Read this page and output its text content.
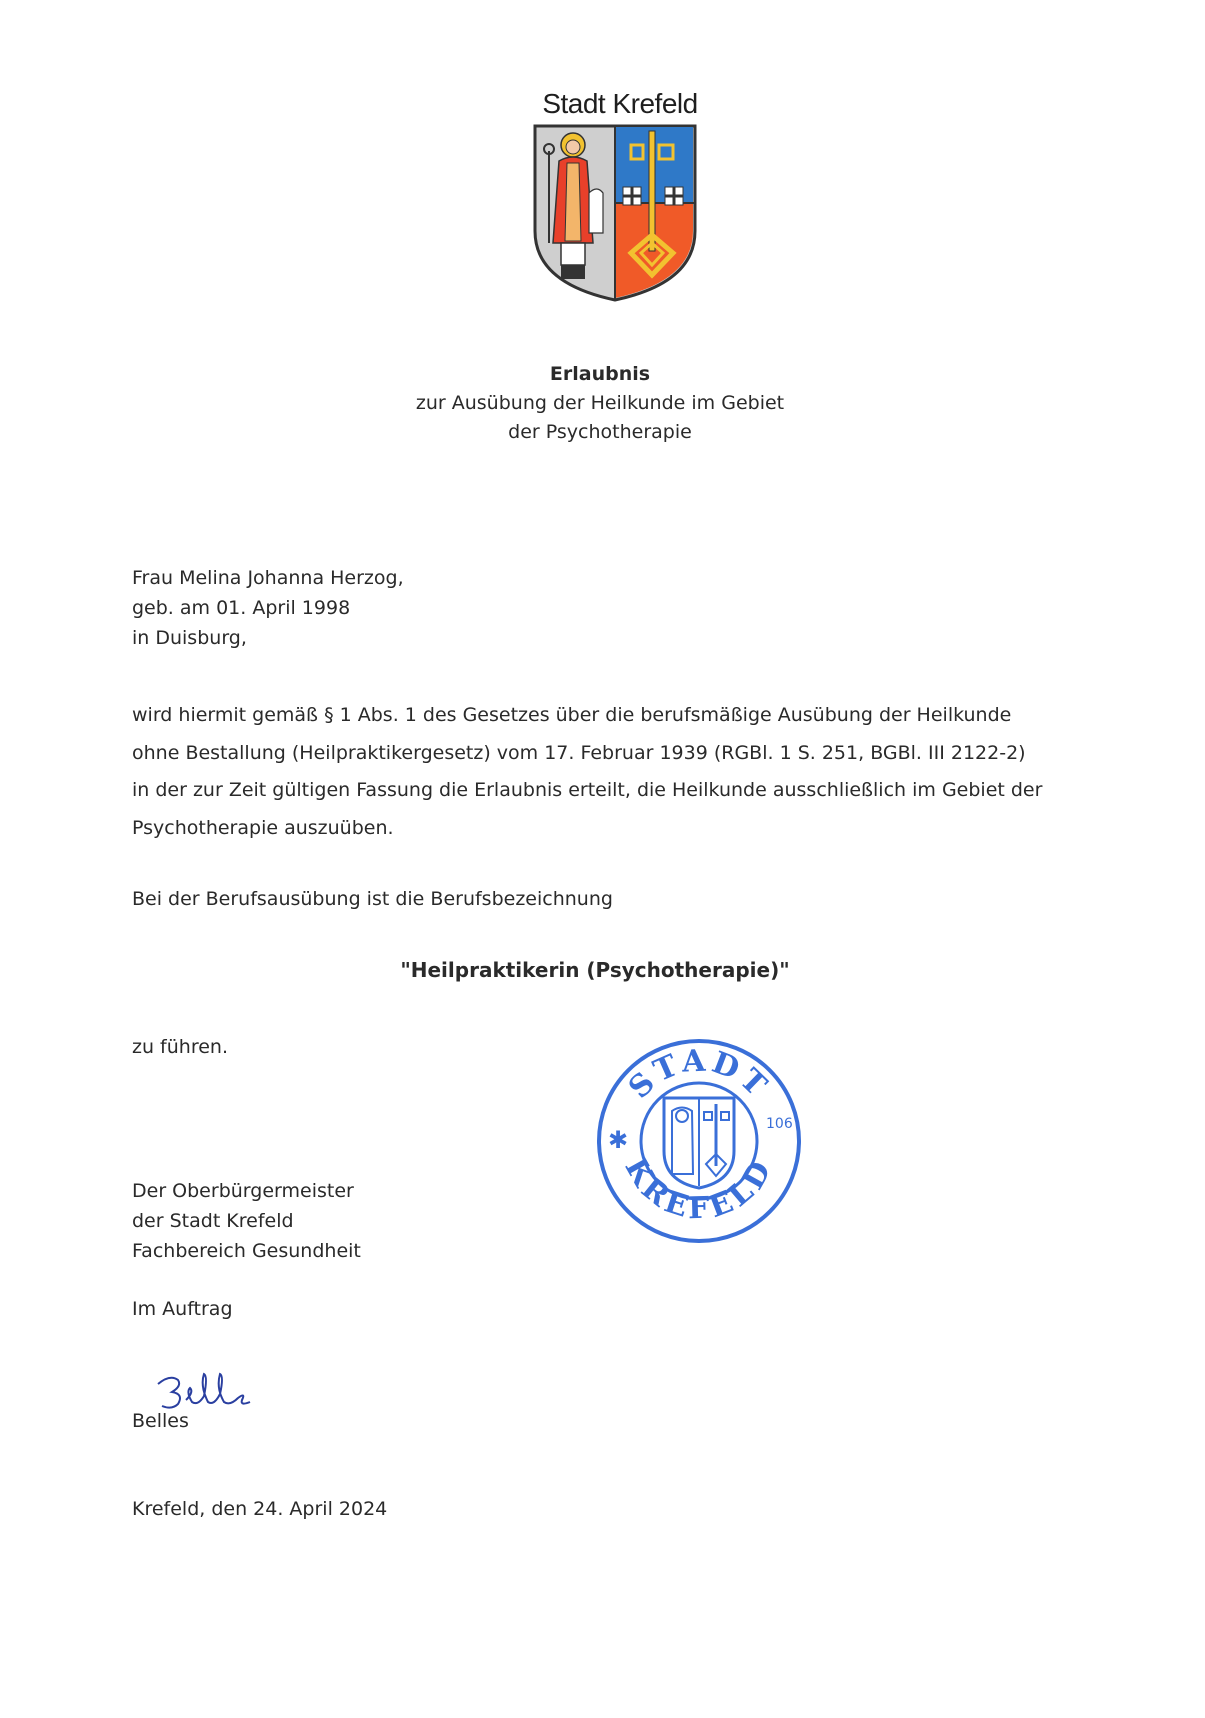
Stadt Krefeld

Erlaubnis

zur Ausübung der Heilkunde im Gebiet

der Psychotherapie

Frau Melina Johanna Herzog,

geb. am 01. April 1998

in Duisburg,

wird hiermit gemäß § 1 Abs. 1 des Gesetzes über die berufsmäßige Ausübung der Heilkunde

ohne Bestallung (Heilpraktikergesetz) vom 17. Februar 1939 (RGBl. 1 S. 251, BGBl. III 2122-2)

in der zur Zeit gültigen Fassung die Erlaubnis erteilt, die Heilkunde ausschließlich im Gebiet der

Psychotherapie auszuüben.

Bei der Berufsausübung ist die Berufsbezeichnung
"Heilpraktikerin (Psychotherapie)"
zu führen.
STADT
KREFELD
✱
106

Der Oberbürgermeister

der Stadt Krefeld

Fachbereich Gesundheit

Im Auftrag
Belles
Krefeld, den 24. April 2024
